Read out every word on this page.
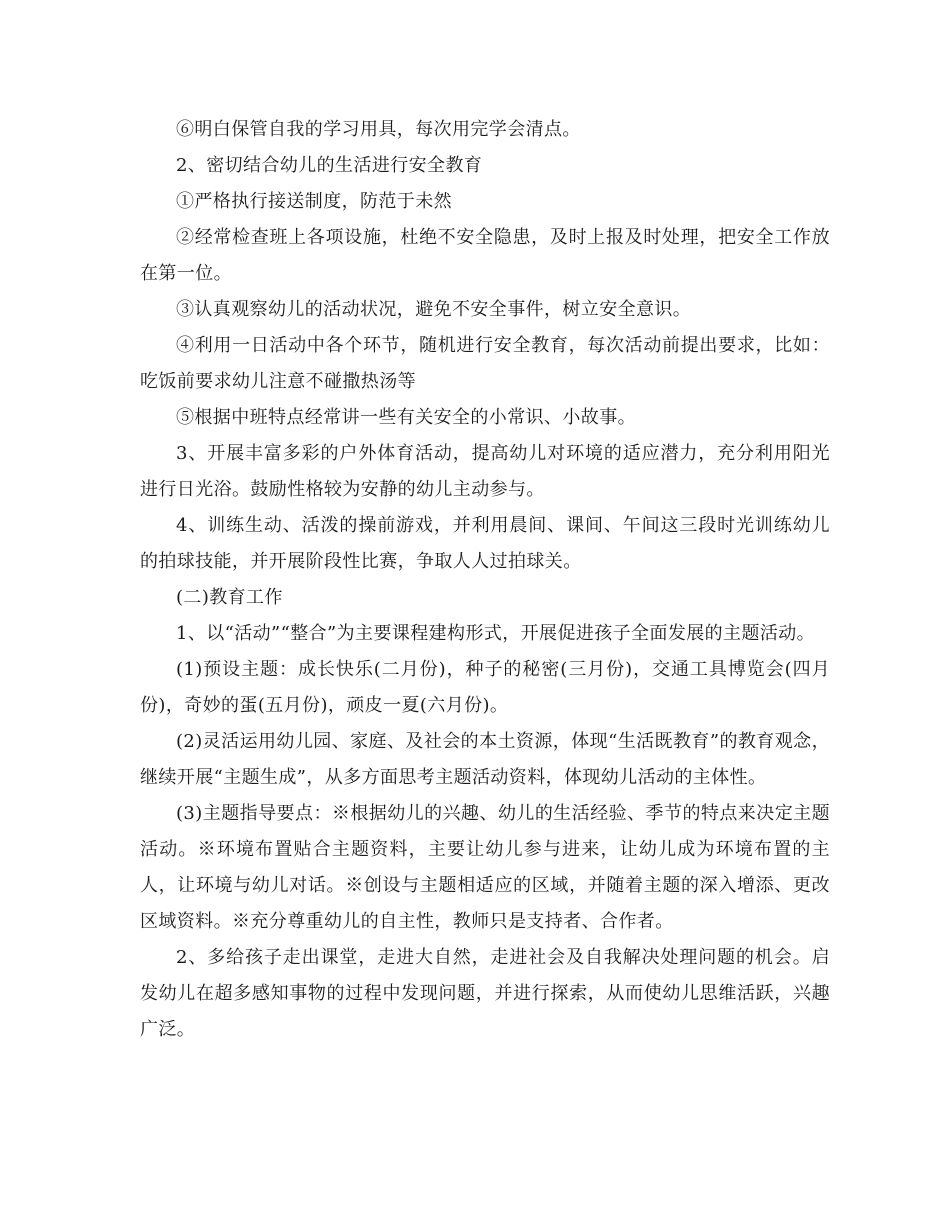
⑥明白保管自我的学习用具，每次用完学会清点。

2、密切结合幼儿的生活进行安全教育

①严格执行接送制度，防范于未然

②经常检查班上各项设施，杜绝不安全隐患，及时上报及时处理，把安全工作放在第一位。

③认真观察幼儿的活动状况，避免不安全事件，树立安全意识。

④利用一日活动中各个环节，随机进行安全教育，每次活动前提出要求，比如：吃饭前要求幼儿注意不碰撒热汤等

⑤根据中班特点经常讲一些有关安全的小常识、小故事。

3、开展丰富多彩的户外体育活动，提高幼儿对环境的适应潜力，充分利用阳光进行日光浴。鼓励性格较为安静的幼儿主动参与。

4、训练生动、活泼的操前游戏，并利用晨间、课间、午间这三段时光训练幼儿的拍球技能，并开展阶段性比赛，争取人人过拍球关。

(二)教育工作

1、以“活动”“整合”为主要课程建构形式，开展促进孩子全面发展的主题活动。

(1)预设主题：成长快乐(二月份)，种子的秘密(三月份)，交通工具博览会(四月份)，奇妙的蛋(五月份)，顽皮一夏(六月份)。

(2)灵活运用幼儿园、家庭、及社会的本土资源，体现“生活既教育”的教育观念，继续开展“主题生成”，从多方面思考主题活动资料，体现幼儿活动的主体性。

(3)主题指导要点：※根据幼儿的兴趣、幼儿的生活经验、季节的特点来决定主题活动。※环境布置贴合主题资料，主要让幼儿参与进来，让幼儿成为环境布置的主人，让环境与幼儿对话。※创设与主题相适应的区域，并随着主题的深入增添、更改区域资料。※充分尊重幼儿的自主性，教师只是支持者、合作者。

2、多给孩子走出课堂，走进大自然，走进社会及自我解决处理问题的机会。启发幼儿在超多感知事物的过程中发现问题，并进行探索，从而使幼儿思维活跃，兴趣广泛。
